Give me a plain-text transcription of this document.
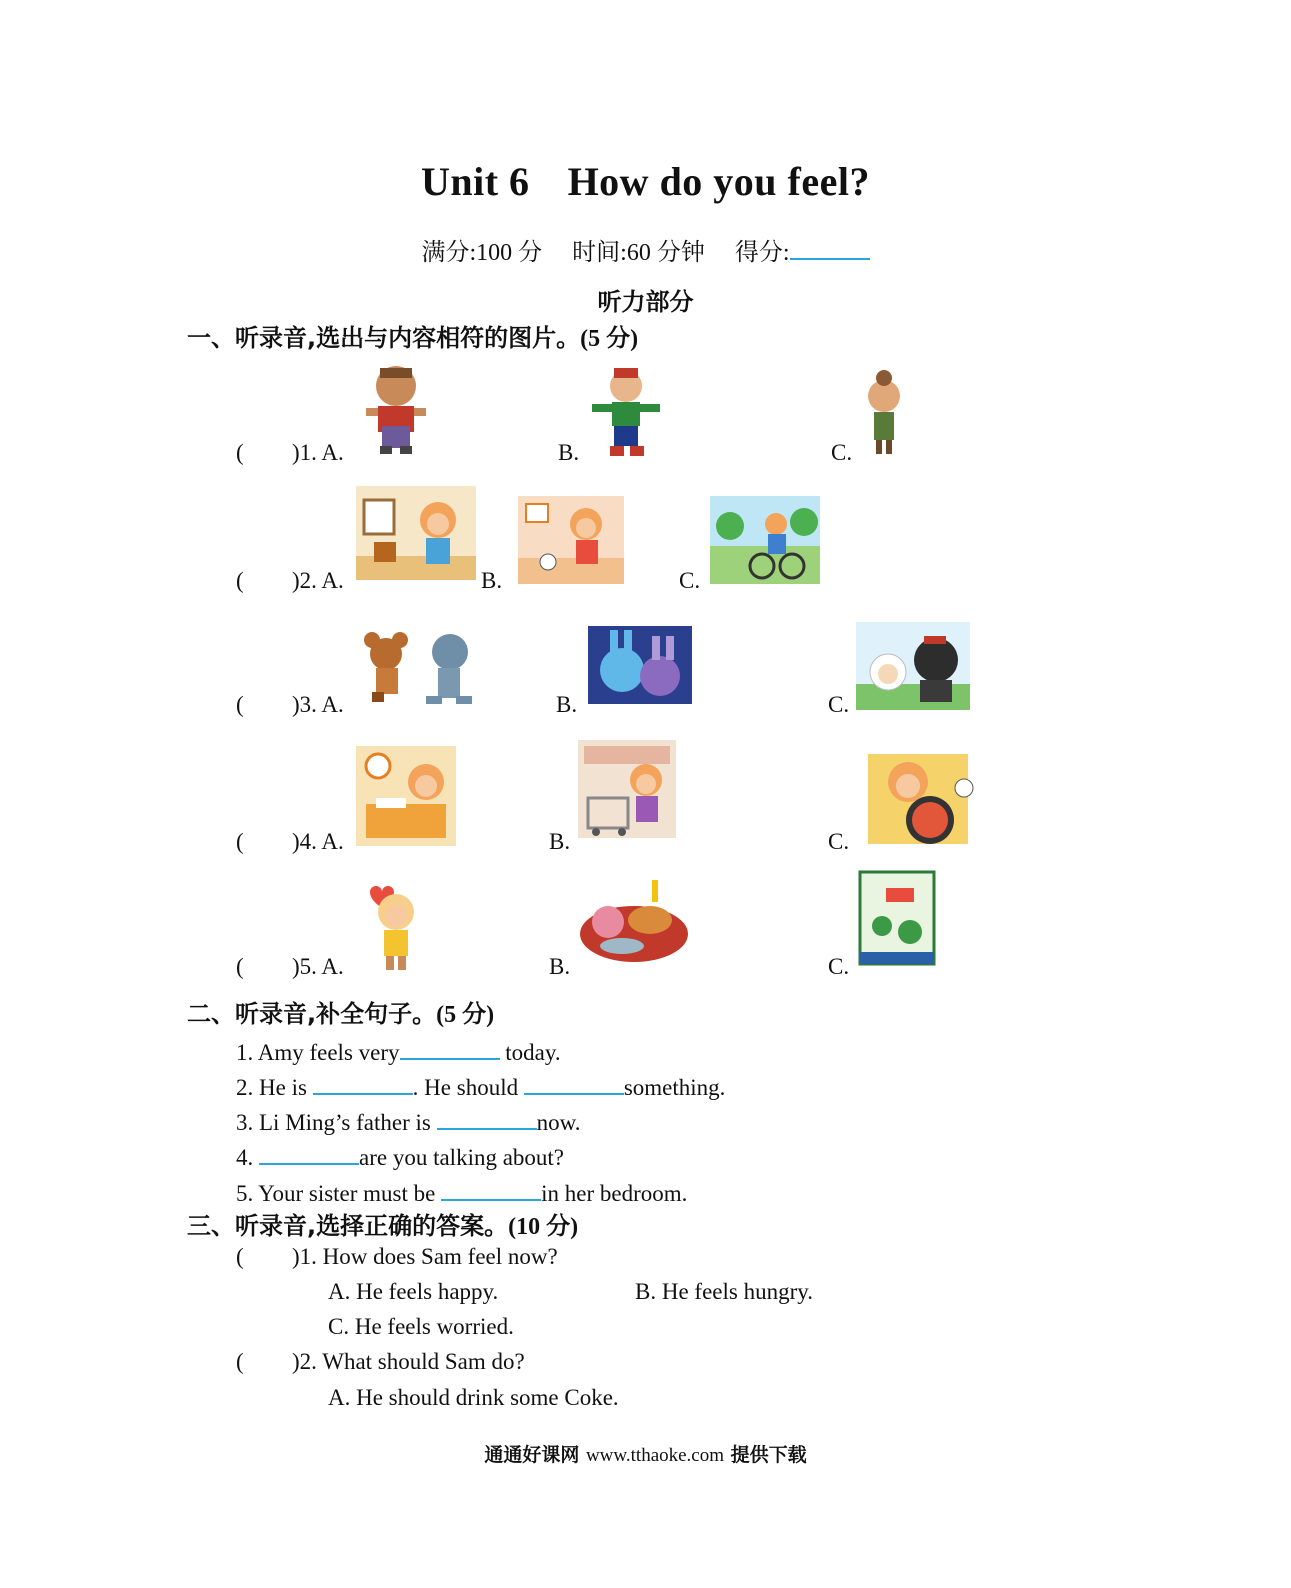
Unit 6 How do you feel?
满分:100 分 时间:60 分钟 得分:
听力部分
一、听录音,选出与内容相符的图片。(5 分)
( )1. A.	B.	C.
( )2. A.	B.	C.
( )3. A.	B.	C.
( )4. A.	B.	C.
( )5. A.	B.	C.
二、听录音,补全句子。(5 分)
1. Amy feels very	today.
2. He is	. He should	something.
3. Li Ming’s father is	now.
4.	are you talking about?
5. Your sister must be	in her bedroom.
三、听录音,选择正确的答案。(10 分)
( )1. How does Sam feel now?
A. He feels happy.	B. He feels hungry.
C. He feels worried.
( )2. What should Sam do?
A. He should drink some Coke.
通通好课网 www.tthaoke.com 提供下载
